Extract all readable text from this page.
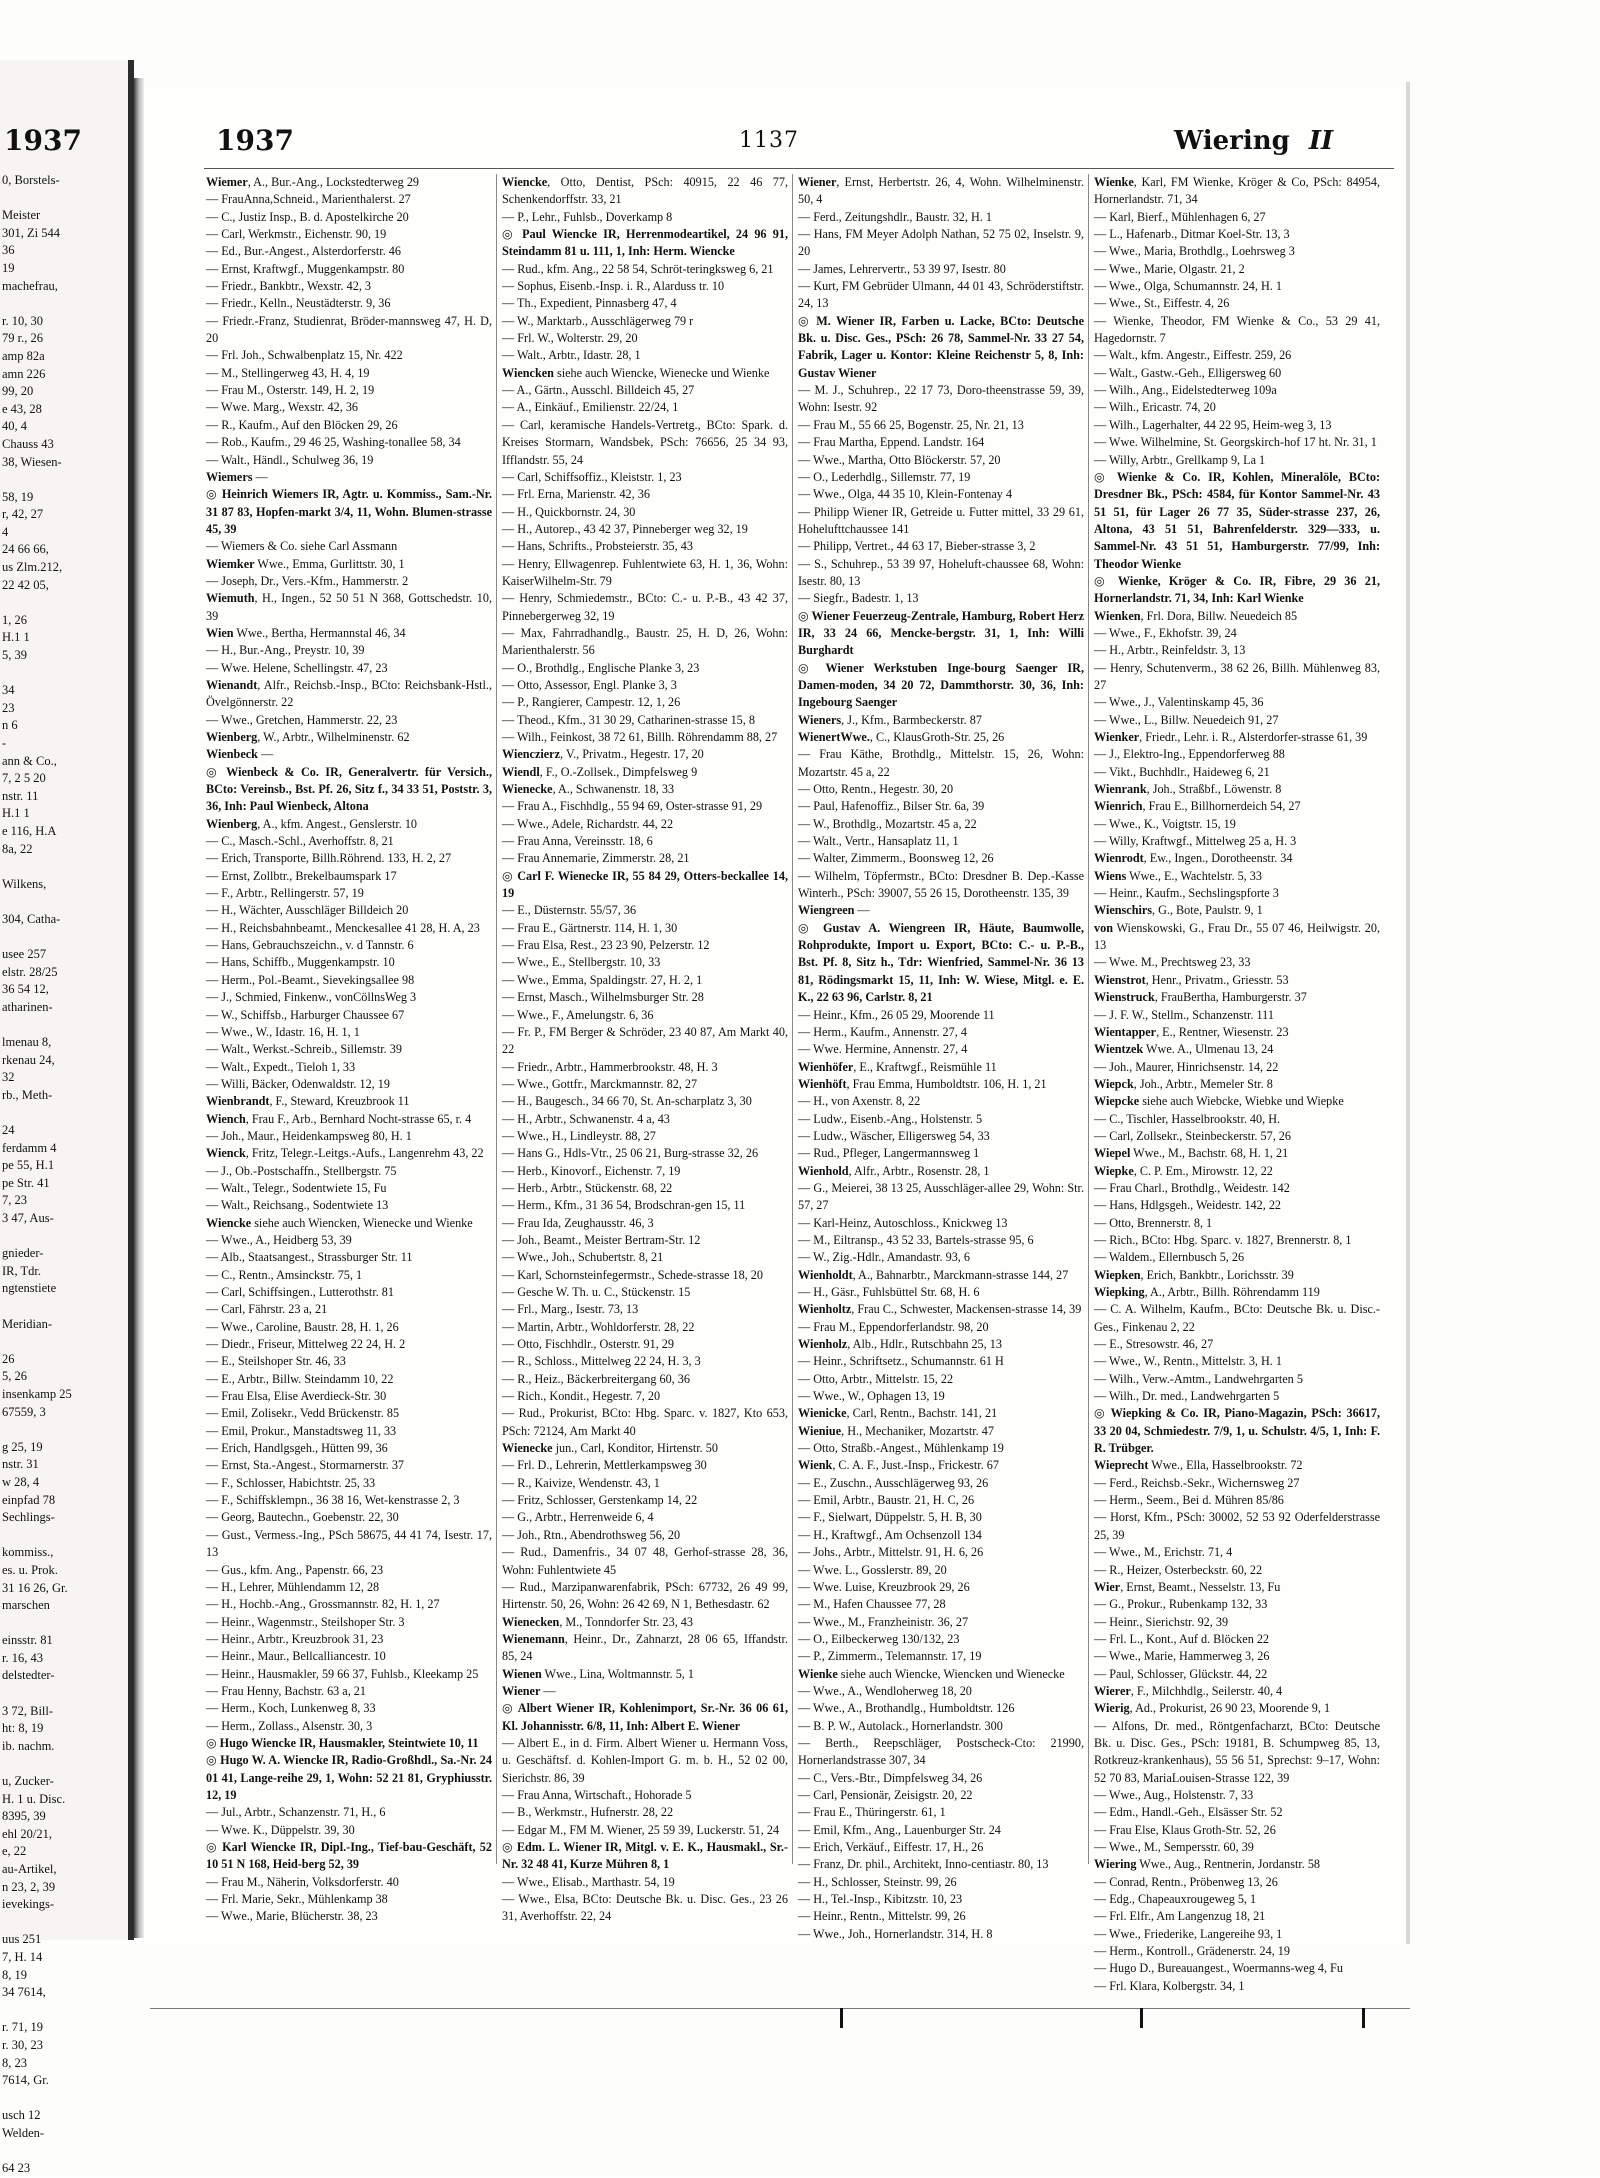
1937
0, Borstels-
Meister
301, Zi 544
36
19
machefrau,
r. 10, 30
79 r., 26
amp 82a
amn 226
99, 20
e 43, 28
40, 4
Chauss 43
38, Wiesen-
58, 19
r, 42, 27
4
24 66 66,
us Zlm.212,
22 42 05,
1, 26
H.1 1
5, 39
34
23
n 6
-
ann & Co.,
7, 2 5 20
nstr. 11
H.1 1
e 116, H.A
8a, 22
Wilkens,
304, Catha-
usee 257
elstr. 28/25
36 54 12,
atharinen-
lmenau 8,
rkenau 24,
32
rb., Meth-
24
ferdamm 4
pe 55, H.1
pe Str. 41
7, 23
3 47, Aus-
gnieder-
IR, Tdr.
ngtenstiete
Meridian-
26
5, 26
insenkamp 25
67559, 3
g 25, 19
nstr. 31
w 28, 4
einpfad 78
Sechlings-
kommiss.,
es. u. Prok.
31 16 26, Gr.
marschen
einsstr. 81
r. 16, 43
delstedter-
3 72, Bill-
ht: 8, 19
ib. nachm.
u, Zucker-
H. 1 u. Disc.
8395, 39
ehl 20/21,
e, 22
au-Artikel,
n 23, 2, 39
ievekings-
uus 251
7, H. 14
8, 19
34 7614,
r. 71, 19
r. 30, 23
8, 23
7614, Gr.
usch 12
Welden-
64 23
1937	1137	Wiering II
Wiemer, A., Bur.-Ang., Lockstedterweg 29
— FrauAnna,Schneid., Marienthalerst. 27
— C., Justiz Insp., B. d. Apostelkirche 20
— Carl, Werkmstr., Eichenstr. 90, 19
— Ed., Bur.-Angest., Alsterdorferstr. 46
— Ernst, Kraftwgf., Muggenkampstr. 80
— Friedr., Bankbtr., Wexstr. 42, 3
— Friedr., Kelln., Neustädterstr. 9, 36
— Friedr.-Franz, Studienrat, Bröder-mannsweg 47, H. D, 20
— Frl. Joh., Schwalbenplatz 15, Nr. 422
— M., Stellingerweg 43, H. 4, 19
— Frau M., Osterstr. 149, H. 2, 19
— Wwe. Marg., Wexstr. 42, 36
— R., Kaufm., Auf den Blöcken 29, 26
— Rob., Kaufm., 29 46 25, Washing-tonallee 58, 34
— Walt., Händl., Schulweg 36, 19
Wiemers —
◎ Heinrich Wiemers IR, Agtr. u. Kommiss., Sam.-Nr. 31 87 83, Hopfen-markt 3/4, 11, Wohn. Blumen-strasse 45, 39
— Wiemers & Co. siehe Carl Assmann
Wiemker Wwe., Emma, Gurlittstr. 30, 1
— Joseph, Dr., Vers.-Kfm., Hammerstr. 2
Wiemuth, H., Ingen., 52 50 51 N 368, Gottschedstr. 10, 39
Wien Wwe., Bertha, Hermannstal 46, 34
— H., Bur.-Ang., Preystr. 10, 39
— Wwe. Helene, Schellingstr. 47, 23
Wienandt, Alfr., Reichsb.-Insp., BCto: Reichsbank-Hstl., Övelgönnerstr. 22
— Wwe., Gretchen, Hammerstr. 22, 23
Wienberg, W., Arbtr., Wilhelminenstr. 62
Wienbeck —
◎ Wienbeck & Co. IR, Generalvertr. für Versich., BCto: Vereinsb., Bst. Pf. 26, Sitz f., 34 33 51, Poststr. 3, 36, Inh: Paul Wienbeck, Altona
Wienberg, A., kfm. Angest., Genslerstr. 10
— C., Masch.-Schl., Averhoffstr. 8, 21
— Erich, Transporte, Billh.Röhrend. 133, H. 2, 27
— Ernst, Zollbtr., Brekelbaumspark 17
— F., Arbtr., Rellingerstr. 57, 19
— H., Wächter, Ausschläger Billdeich 20
— H., Reichsbahnbeamt., Menckesallee 41 28, H. A, 23
— Hans, Gebrauchszeichn., v. d Tannstr. 6
— Hans, Schiffb., Muggenkampstr. 10
— Herm., Pol.-Beamt., Sievekingsallee 98
— J., Schmied, Finkenw., vonCöllnsWeg 3
— W., Schiffsb., Harburger Chaussee 67
— Wwe., W., Idastr. 16, H. 1, 1
— Walt., Werkst.-Schreib., Sillemstr. 39
— Walt., Expedt., Tieloh 1, 33
— Willi, Bäcker, Odenwaldstr. 12, 19
Wienbrandt, F., Steward, Kreuzbrook 11
Wiench, Frau F., Arb., Bernhard Nocht-strasse 65, r. 4
— Joh., Maur., Heidenkampsweg 80, H. 1
Wienck, Fritz, Telegr.-Leitgs.-Aufs., Langenrehm 43, 22
— J., Ob.-Postschaffn., Stellbergstr. 75
— Walt., Telegr., Sodentwiete 15, Fu
— Walt., Reichsang., Sodentwiete 13
Wiencke siehe auch Wiencken, Wienecke und Wienke
— Wwe., A., Heidberg 53, 39
— Alb., Staatsangest., Strassburger Str. 11
— C., Rentn., Amsinckstr. 75, 1
— Carl, Schiffsingen., Lutterothstr. 81
— Carl, Fährstr. 23 a, 21
— Wwe., Caroline, Baustr. 28, H. 1, 26
— Diedr., Friseur, Mittelweg 22 24, H. 2
— E., Steilshoper Str. 46, 33
— E., Arbtr., Billw. Steindamm 10, 22
— Frau Elsa, Elise Averdieck-Str. 30
— Emil, Zolisekr., Vedd Brückenstr. 85
— Emil, Prokur., Manstadtsweg 11, 33
— Erich, Handlgsgeh., Hütten 99, 36
— Ernst, Sta.-Angest., Stormarnerstr. 37
— F., Schlosser, Habichtstr. 25, 33
— F., Schiffsklempn., 36 38 16, Wet-kenstrasse 2, 3
— Georg, Bautechn., Goebenstr. 22, 30
— Gust., Vermess.-Ing., PSch 58675, 44 41 74, Isestr. 17, 13
— Gus., kfm. Ang., Papenstr. 66, 23
— H., Lehrer, Mühlendamm 12, 28
— H., Hochb.-Ang., Grossmannstr. 82, H. 1, 27
— Heinr., Wagenmstr., Steilshoper Str. 3
— Heinr., Arbtr., Kreuzbrook 31, 23
— Heinr., Maur., Bellcalliancestr. 10
— Heinr., Hausmakler, 59 66 37, Fuhlsb., Kleekamp 25
— Frau Henny, Bachstr. 63 a, 21
— Herm., Koch, Lunkenweg 8, 33
— Herm., Zollass., Alsenstr. 30, 3
◎ Hugo Wiencke IR, Hausmakler, Steintwiete 10, 11
◎ Hugo W. A. Wiencke IR, Radio-Großhdl., Sa.-Nr. 24 01 41, Lange-reihe 29, 1, Wohn: 52 21 81, Gryphiusstr. 12, 19
— Jul., Arbtr., Schanzenstr. 71, H., 6
— Wwe. K., Düppelstr. 39, 30
◎ Karl Wiencke IR, Dipl.-Ing., Tief-bau-Geschäft, 52 10 51 N 168, Heid-berg 52, 39
— Frau M., Näherin, Volksdorferstr. 40
— Frl. Marie, Sekr., Mühlenkamp 38
— Wwe., Marie, Blücherstr. 38, 23
Wiencke, Otto, Dentist, PSch: 40915, 22 46 77, Schenkendorffstr. 33, 21
— P., Lehr., Fuhlsb., Doverkamp 8
◎ Paul Wiencke IR, Herrenmodeartikel, 24 96 91, Steindamm 81 u. 111, 1, Inh: Herm. Wiencke
— Rud., kfm. Ang., 22 58 54, Schröt-teringksweg 6, 21
— Sophus, Eisenb.-Insp. i. R., Alarduss tr. 10
— Th., Expedient, Pinnasberg 47, 4
— W., Marktarb., Ausschlägerweg 79 r
— Frl. W., Wolterstr. 29, 20
— Walt., Arbtr., Idastr. 28, 1
Wiencken siehe auch Wiencke, Wienecke und Wienke
— A., Gärtn., Ausschl. Billdeich 45, 27
— A., Einkäuf., Emilienstr. 22/24, 1
— Carl, keramische Handels-Vertretg., BCto: Spark. d. Kreises Stormarn, Wandsbek, PSch: 76656, 25 34 93, Ifflandstr. 55, 24
— Carl, Schiffsoffiz., Kleiststr. 1, 23
— Frl. Erna, Marienstr. 42, 36
— H., Quickbornstr. 24, 30
— H., Autorep., 43 42 37, Pinneberger weg 32, 19
— Hans, Schrifts., Probsteierstr. 35, 43
— Henry, Ellwagenrep. Fuhlentwiete 63, H. 1, 36, Wohn: KaiserWilhelm-Str. 79
— Henry, Schmiedemstr., BCto: C.- u. P.-B., 43 42 37, Pinnebergerweg 32, 19
— Max, Fahrradhandlg., Baustr. 25, H. D, 26, Wohn: Marienthalerstr. 56
— O., Brothdlg., Englische Planke 3, 23
— Otto, Assessor, Engl. Planke 3, 3
— P., Rangierer, Campestr. 12, 1, 26
— Theod., Kfm., 31 30 29, Catharinen-strasse 15, 8
— Wilh., Feinkost, 38 72 61, Billh. Röhrendamm 88, 27
Wienczierz, V., Privatm., Hegestr. 17, 20
Wiendl, F., O.-Zollsek., Dimpfelsweg 9
Wienecke, A., Schwanenstr. 18, 33
— Frau A., Fischhdlg., 55 94 69, Oster-strasse 91, 29
— Wwe., Adele, Richardstr. 44, 22
— Frau Anna, Vereinsstr. 18, 6
— Frau Annemarie, Zimmerstr. 28, 21
◎ Carl F. Wienecke IR, 55 84 29, Otters-beckallee 14, 19
— E., Düsternstr. 55/57, 36
— Frau E., Gärtnerstr. 114, H. 1, 30
— Frau Elsa, Rest., 23 23 90, Pelzerstr. 12
— Wwe., E., Stellbergstr. 10, 33
— Wwe., Emma, Spaldingstr. 27, H. 2, 1
— Ernst, Masch., Wilhelmsburger Str. 28
— Wwe., F., Amelungstr. 6, 36
— Fr. P., FM Berger & Schröder, 23 40 87, Am Markt 40, 22
— Friedr., Arbtr., Hammerbrookstr. 48, H. 3
— Wwe., Gottfr., Marckmannstr. 82, 27
— H., Baugesch., 34 66 70, St. An-scharplatz 3, 30
— H., Arbtr., Schwanenstr. 4 a, 43
— Wwe., H., Lindleystr. 88, 27
— Hans G., Hdls-Vtr., 25 06 21, Burg-strasse 32, 26
— Herb., Kinovorf., Eichenstr. 7, 19
— Herb., Arbtr., Stückenstr. 68, 22
— Herm., Kfm., 31 36 54, Brodschran-gen 15, 11
— Frau Ida, Zeughausstr. 46, 3
— Joh., Beamt., Meister Bertram-Str. 12
— Wwe., Joh., Schubertstr. 8, 21
— Karl, Schornsteinfegermstr., Schede-strasse 18, 20
— Gesche W. Th. u. C., Stückenstr. 15
— Frl., Marg., Isestr. 73, 13
— Martin, Arbtr., Wohldorferstr. 28, 22
— Otto, Fischhdlr., Osterstr. 91, 29
— R., Schloss., Mittelweg 22 24, H. 3, 3
— R., Heiz., Bäckerbreitergang 60, 36
— Rich., Kondit., Hegestr. 7, 20
— Rud., Prokurist, BCto: Hbg. Sparc. v. 1827, Kto 653, PSch: 72124, Am Markt 40
Wienecke jun., Carl, Konditor, Hirtenstr. 50
— Frl. D., Lehrerin, Mettlerkampsweg 30
— R., Kaivize, Wendenstr. 43, 1
— Fritz, Schlosser, Gerstenkamp 14, 22
— G., Arbtr., Herrenweide 6, 4
— Joh., Rtn., Abendrothsweg 56, 20
— Rud., Damenfris., 34 07 48, Gerhof-strasse 28, 36, Wohn: Fuhlentwiete 45
— Rud., Marzipanwarenfabrik, PSch: 67732, 26 49 99, Hirtenstr. 50, 26, Wohn: 26 42 69, N 1, Bethesdastr. 62
Wienecken, M., Tonndorfer Str. 23, 43
Wienemann, Heinr., Dr., Zahnarzt, 28 06 65, Iffandstr. 85, 24
Wienen Wwe., Lina, Woltmannstr. 5, 1
Wiener —
◎ Albert Wiener IR, Kohlenimport, Sr.-Nr. 36 06 61, Kl. Johannisstr. 6/8, 11, Inh: Albert E. Wiener
— Albert E., in d. Firm. Albert Wiener u. Hermann Voss, u. Geschäftsf. d. Kohlen-Import G. m. b. H., 52 02 00, Sierichstr. 86, 39
— Frau Anna, Wirtschaft., Hohorade 5
— B., Werkmstr., Hufnerstr. 28, 22
— Edgar M., FM M. Wiener, 25 59 39, Luckerstr. 51, 24
◎ Edm. L. Wiener IR, Mitgl. v. E. K., Hausmakl., Sr.-Nr. 32 48 41, Kurze Mühren 8, 1
— Wwe., Elisab., Marthastr. 54, 19
— Wwe., Elsa, BCto: Deutsche Bk. u. Disc. Ges., 23 26 31, Averhoffstr. 22, 24
Wiener, Ernst, Herbertstr. 26, 4, Wohn. Wilhelminenstr. 50, 4
— Ferd., Zeitungshdlr., Baustr. 32, H. 1
— Hans, FM Meyer Adolph Nathan, 52 75 02, Inselstr. 9, 20
— James, Lehrervertr., 53 39 97, Isestr. 80
— Kurt, FM Gebrüder Ulmann, 44 01 43, Schröderstiftstr. 24, 13
◎ M. Wiener IR, Farben u. Lacke, BCto: Deutsche Bk. u. Disc. Ges., PSch: 26 78, Sammel-Nr. 33 27 54, Fabrik, Lager u. Kontor: Kleine Reichenstr 5, 8, Inh: Gustav Wiener
— M. J., Schuhrep., 22 17 73, Doro-theenstrasse 59, 39, Wohn: Isestr. 92
— Frau M., 55 66 25, Bogenstr. 25, Nr. 21, 13
— Frau Martha, Eppend. Landstr. 164
— Wwe., Martha, Otto Blöckerstr. 57, 20
— O., Lederhdlg., Sillemstr. 77, 19
— Wwe., Olga, 44 35 10, Klein-Fontenay 4
— Philipp Wiener IR, Getreide u. Futter mittel, 33 29 61, Hohelufttchaussee 141
— Philipp, Vertret., 44 63 17, Bieber-strasse 3, 2
— S., Schuhrep., 53 39 97, Hoheluft-chaussee 68, Wohn: Isestr. 80, 13
— Siegfr., Badestr. 1, 13
◎ Wiener Feuerzeug-Zentrale, Hamburg, Robert Herz IR, 33 24 66, Mencke-bergstr. 31, 1, Inh: Willi Burghardt
◎ Wiener Werkstuben Inge-bourg Saenger IR, Damen-moden, 34 20 72, Dammthorstr. 30, 36, Inh: Ingebourg Saenger
Wieners, J., Kfm., Barmbeckerstr. 87
WienertWwe., C., KlausGroth-Str. 25, 26
— Frau Käthe, Brothdlg., Mittelstr. 15, 26, Wohn: Mozartstr. 45 a, 22
— Otto, Rentn., Hegestr. 30, 20
— Paul, Hafenoffiz., Bilser Str. 6a, 39
— W., Brothdlg., Mozartstr. 45 a, 22
— Walt., Vertr., Hansaplatz 11, 1
— Walter, Zimmerm., Boonsweg 12, 26
— Wilhelm, Töpfermstr., BCto: Dresdner B. Dep.-Kasse Winterh., PSch: 39007, 55 26 15, Dorotheenstr. 135, 39
Wiengreen —
◎ Gustav A. Wiengreen IR, Häute, Baumwolle, Rohprodukte, Import u. Export, BCto: C.- u. P.-B., Bst. Pf. 8, Sitz h., Tdr: Wienfried, Sammel-Nr. 36 13 81, Rödingsmarkt 15, 11, Inh: W. Wiese, Mitgl. e. E. K., 22 63 96, Carlstr. 8, 21
— Heinr., Kfm., 26 05 29, Moorende 11
— Herm., Kaufm., Annenstr. 27, 4
— Wwe. Hermine, Annenstr. 27, 4
Wienhöfer, E., Kraftwgf., Reismühle 11
Wienhöft, Frau Emma, Humboldtstr. 106, H. 1, 21
— H., von Axenstr. 8, 22
— Ludw., Eisenb.-Ang., Holstenstr. 5
— Ludw., Wäscher, Elligersweg 54, 33
— Rud., Pfleger, Langermannsweg 1
Wienhold, Alfr., Arbtr., Rosenstr. 28, 1
— G., Meierei, 38 13 25, Ausschläger-allee 29, Wohn: Str. 57, 27
— Karl-Heinz, Autoschloss., Knickweg 13
— M., Eiltransp., 43 52 33, Bartels-strasse 95, 6
— W., Zig.-Hdlr., Amandastr. 93, 6
Wienholdt, A., Bahnarbtr., Marckmann-strasse 144, 27
— H., Gäsr., Fuhlsbüttel Str. 68, H. 6
Wienholtz, Frau C., Schwester, Mackensen-strasse 14, 39
— Frau M., Eppendorferlandstr. 98, 20
Wienholz, Alb., Hdlr., Rutschbahn 25, 13
— Heinr., Schriftsetz., Schumannstr. 61 H
— Otto, Arbtr., Mittelstr. 15, 22
— Wwe., W., Ophagen 13, 19
Wienicke, Carl, Rentn., Bachstr. 141, 21
Wieniue, H., Mechaniker, Mozartstr. 47
— Otto, Straßb.-Angest., Mühlenkamp 19
Wienk, C. A. F., Just.-Insp., Frickestr. 67
— E., Zuschn., Ausschlägerweg 93, 26
— Emil, Arbtr., Baustr. 21, H. C, 26
— F., Sielwart, Düppelstr. 5, H. B, 30
— H., Kraftwgf., Am Ochsenzoll 134
— Johs., Arbtr., Mittelstr. 91, H. 6, 26
— Wwe. L., Gosslerstr. 89, 20
— Wwe. Luise, Kreuzbrook 29, 26
— M., Hafen Chaussee 77, 28
— Wwe., M., Franzheinistr. 36, 27
— O., Eilbeckerweg 130/132, 23
— P., Zimmerm., Telemannstr. 17, 19
Wienke siehe auch Wiencke, Wiencken und Wienecke
— Wwe., A., Wendloherweg 18, 20
— Wwe., A., Brothandlg., Humboldtstr. 126
— B. P. W., Autolack., Hornerlandstr. 300
— Berth., Reepschläger, Postscheck-Cto: 21990, Hornerlandstrasse 307, 34
— C., Vers.-Btr., Dimpfelsweg 34, 26
— Carl, Pensionär, Zeisigstr. 20, 22
— Frau E., Thüringerstr. 61, 1
— Emil, Kfm., Ang., Lauenburger Str. 24
— Erich, Verkäuf., Eiffestr. 17, H., 26
— Franz, Dr. phil., Architekt, Inno-centiastr. 80, 13
— H., Schlosser, Steinstr. 99, 26
— H., Tel.-Insp., Kibitzstr. 10, 23
— Heinr., Rentn., Mittelstr. 99, 26
— Wwe., Joh., Hornerlandstr. 314, H. 8
Wienke, Karl, FM Wienke, Kröger & Co, PSch: 84954, Hornerlandstr. 71, 34
— Karl, Bierf., Mühlenhagen 6, 27
— L., Hafenarb., Ditmar Koel-Str. 13, 3
— Wwe., Maria, Brothdlg., Loehrsweg 3
— Wwe., Marie, Olgastr. 21, 2
— Wwe., Olga, Schumannstr. 24, H. 1
— Wwe., St., Eiffestr. 4, 26
— Wienke, Theodor, FM Wienke & Co., 53 29 41, Hagedornstr. 7
— Walt., kfm. Angestr., Eiffestr. 259, 26
— Walt., Gastw.-Geh., Elligersweg 60
— Wilh., Ang., Eidelstedterweg 109a
— Wilh., Ericastr. 74, 20
— Wilh., Lagerhalter, 44 22 95, Heim-weg 3, 13
— Wwe. Wilhelmine, St. Georgskirch-hof 17 ht. Nr. 31, 1
— Willy, Arbtr., Grellkamp 9, La 1
◎ Wienke & Co. IR, Kohlen, Mineralöle, BCto: Dresdner Bk., PSch: 4584, für Kontor Sammel-Nr. 43 51 51, für Lager 26 77 35, Süder-strasse 237, 26, Altona, 43 51 51, Bahrenfelderstr. 329—333, u. Sammel-Nr. 43 51 51, Hamburgerstr. 77/99, Inh: Theodor Wienke
◎ Wienke, Kröger & Co. IR, Fibre, 29 36 21, Hornerlandstr. 71, 34, Inh: Karl Wienke
Wienken, Frl. Dora, Billw. Neuedeich 85
— Wwe., F., Ekhofstr. 39, 24
— H., Arbtr., Reinfeldstr. 3, 13
— Henry, Schutenverm., 38 62 26, Billh. Mühlenweg 83, 27
— Wwe., J., Valentinskamp 45, 36
— Wwe., L., Billw. Neuedeich 91, 27
Wienker, Friedr., Lehr. i. R., Alsterdorfer-strasse 61, 39
— J., Elektro-Ing., Eppendorferweg 88
— Vikt., Buchhdlr., Haideweg 6, 21
Wienrank, Joh., Straßbf., Löwenstr. 8
Wienrich, Frau E., Billhornerdeich 54, 27
— Wwe., K., Voigtstr. 15, 19
— Willy, Kraftwgf., Mittelweg 25 a, H. 3
Wienrodt, Ew., Ingen., Dorotheenstr. 34
Wiens Wwe., E., Wachtelstr. 5, 33
— Heinr., Kaufm., Sechslingspforte 3
Wienschirs, G., Bote, Paulstr. 9, 1
von Wienskowski, G., Frau Dr., 55 07 46, Heilwigstr. 20, 13
— Wwe. M., Prechtsweg 23, 33
Wienstrot, Henr., Privatm., Griesstr. 53
Wienstruck, FrauBertha, Hamburgerstr. 37
— J. F. W., Stellm., Schanzenstr. 111
Wientapper, E., Rentner, Wiesenstr. 23
Wientzek Wwe. A., Ulmenau 13, 24
— Joh., Maurer, Hinrichsenstr. 14, 22
Wiepck, Joh., Arbtr., Memeler Str. 8
Wiepcke siehe auch Wiebcke, Wiebke und Wiepke
— C., Tischler, Hasselbrookstr. 40, H.
— Carl, Zollsekr., Steinbeckerstr. 57, 26
Wiepel Wwe., M., Bachstr. 68, H. 1, 21
Wiepke, C. P. Em., Mirowstr. 12, 22
— Frau Charl., Brothdlg., Weidestr. 142
— Hans, Hdlgsgeh., Weidestr. 142, 22
— Otto, Brennerstr. 8, 1
— Rich., BCto: Hbg. Sparc. v. 1827, Brennerstr. 8, 1
— Waldem., Ellernbusch 5, 26
Wiepken, Erich, Bankbtr., Lorichsstr. 39
Wiepking, A., Arbtr., Billh. Röhrendamm 119
— C. A. Wilhelm, Kaufm., BCto: Deutsche Bk. u. Disc.-Ges., Finkenau 2, 22
— E., Stresowstr. 46, 27
— Wwe., W., Rentn., Mittelstr. 3, H. 1
— Wilh., Verw.-Amtm., Landwehrgarten 5
— Wilh., Dr. med., Landwehrgarten 5
◎ Wiepking & Co. IR, Piano-Magazin, PSch: 36617, 33 20 04, Schmiedestr. 7/9, 1, u. Schulstr. 4/5, 1, Inh: F. R. Trübger.
Wieprecht Wwe., Ella, Hasselbrookstr. 72
— Ferd., Reichsb.-Sekr., Wichernsweg 27
— Herm., Seem., Bei d. Mühren 85/86
— Horst, Kfm., PSch: 30002, 52 53 92 Oderfelderstrasse 25, 39
— Wwe., M., Erichstr. 71, 4
— R., Heizer, Osterbeckstr. 60, 22
Wier, Ernst, Beamt., Nesselstr. 13, Fu
— G., Prokur., Rubenkamp 132, 33
— Heinr., Sierichstr. 92, 39
— Frl. L., Kont., Auf d. Blöcken 22
— Wwe., Marie, Hammerweg 3, 26
— Paul, Schlosser, Glückstr. 44, 22
Wierer, F., Milchhdlg., Seilerstr. 40, 4
Wierig, Ad., Prokurist, 26 90 23, Moorende 9, 1
— Alfons, Dr. med., Röntgenfacharzt, BCto: Deutsche Bk. u. Disc. Ges., PSch: 19181, B. Schumpweg 85, 13, Rotkreuz-krankenhaus), 55 56 51, Sprechst: 9–17, Wohn: 52 70 83, MariaLouisen-Strasse 122, 39
— Wwe., Aug., Holstenstr. 7, 33
— Edm., Handl.-Geh., Elsässer Str. 52
— Frau Else, Klaus Groth-Str. 52, 26
— Wwe., M., Sempersstr. 60, 39
Wiering Wwe., Aug., Rentnerin, Jordanstr. 58
— Conrad, Rentn., Pröbenweg 13, 26
— Edg., Chapeauxrougeweg 5, 1
— Frl. Elfr., Am Langenzug 18, 21
— Wwe., Friederike, Langereihe 93, 1
— Herm., Kontroll., Grädenerstr. 24, 19
— Hugo D., Bureauangest., Woermanns-weg 4, Fu
— Frl. Klara, Kolbergstr. 34, 1
